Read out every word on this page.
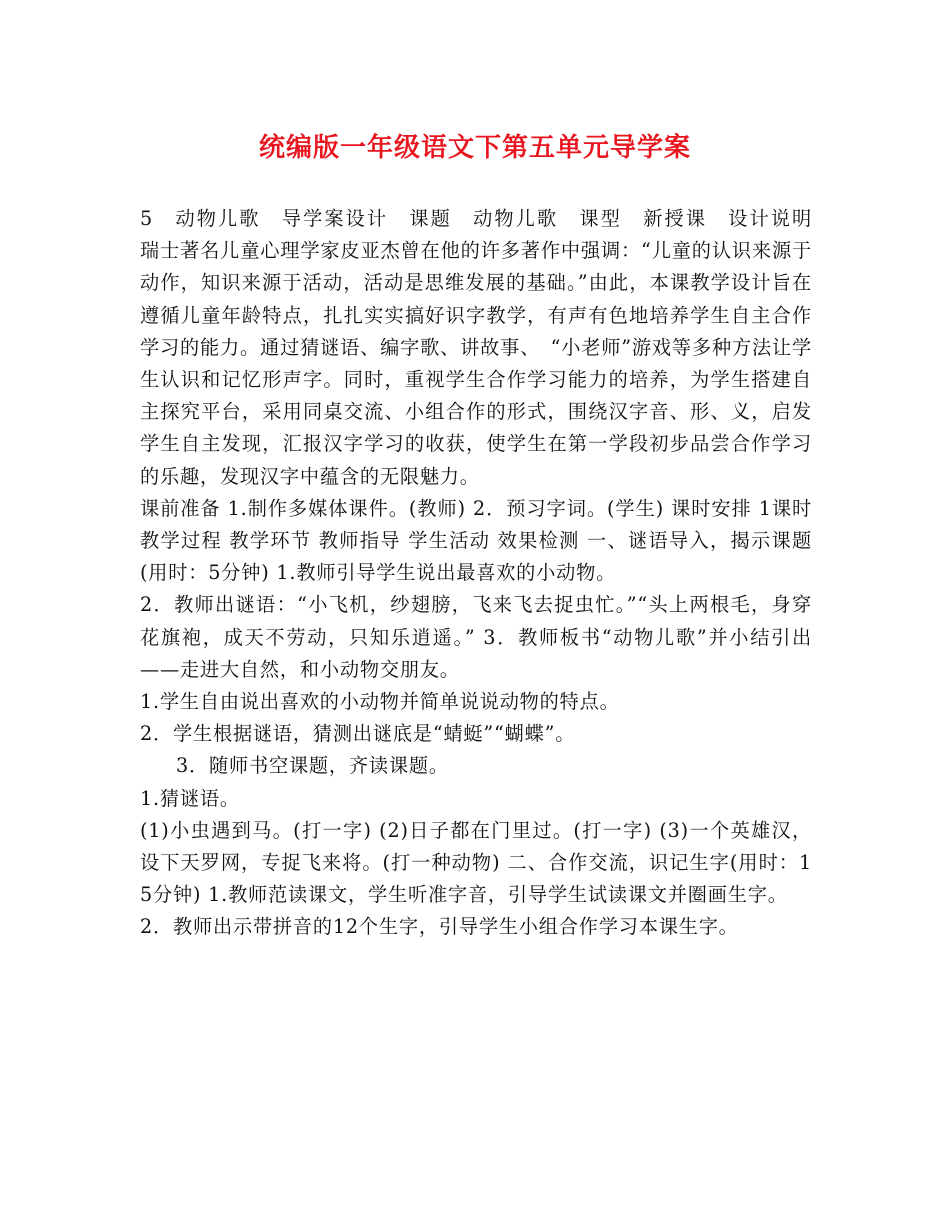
统编版一年级语文下第五单元导学案

5　动物儿歌　导学案设计　课题　动物儿歌　课型　新授课　设计说明　瑞士著名儿童心理学家皮亚杰曾在他的许多著作中强调：“儿童的认识来源于动作，知识来源于活动，活动是思维发展的基础。”由此，本课教学设计旨在遵循儿童年龄特点，扎扎实实搞好识字教学，有声有色地培养学生自主合作学习的能力。通过猜谜语、编字歌、讲故事、　“小老师”游戏等多种方法让学生认识和记忆形声字。同时，重视学生合作学习能力的培养，为学生搭建自主探究平台，采用同桌交流、小组合作的形式，围绕汉字音、形、义，启发学生自主发现，汇报汉字学习的收获，使学生在第一学段初步品尝合作学习的乐趣，发现汉字中蕴含的无限魅力。

课前准备 1.制作多媒体课件。(教师) 2．预习字词。(学生) 课时安排 1课时 教学过程 教学环节 教师指导 学生活动 效果检测 一、谜语导入，揭示课题(用时：5分钟) 1.教师引导学生说出最喜欢的小动物。

2．教师出谜语：“小飞机，纱翅膀，飞来飞去捉虫忙。”“头上两根毛，身穿花旗袍，成天不劳动，只知乐逍遥。” 3．教师板书“动物儿歌”并小结引出——走进大自然，和小动物交朋友。

1.学生自由说出喜欢的小动物并简单说说动物的特点。

2．学生根据谜语，猜测出谜底是“蜻蜓”“蝴蝶”。

3．随师书空课题，齐读课题。

1.猜谜语。

(1)小虫遇到马。(打一字) (2)日子都在门里过。(打一字) (3)一个英雄汉，设下天罗网，专捉飞来将。(打一种动物) 二、合作交流，识记生字(用时：15分钟) 1.教师范读课文，学生听准字音，引导学生试读课文并圈画生字。

2．教师出示带拼音的12个生字，引导学生小组合作学习本课生字。
